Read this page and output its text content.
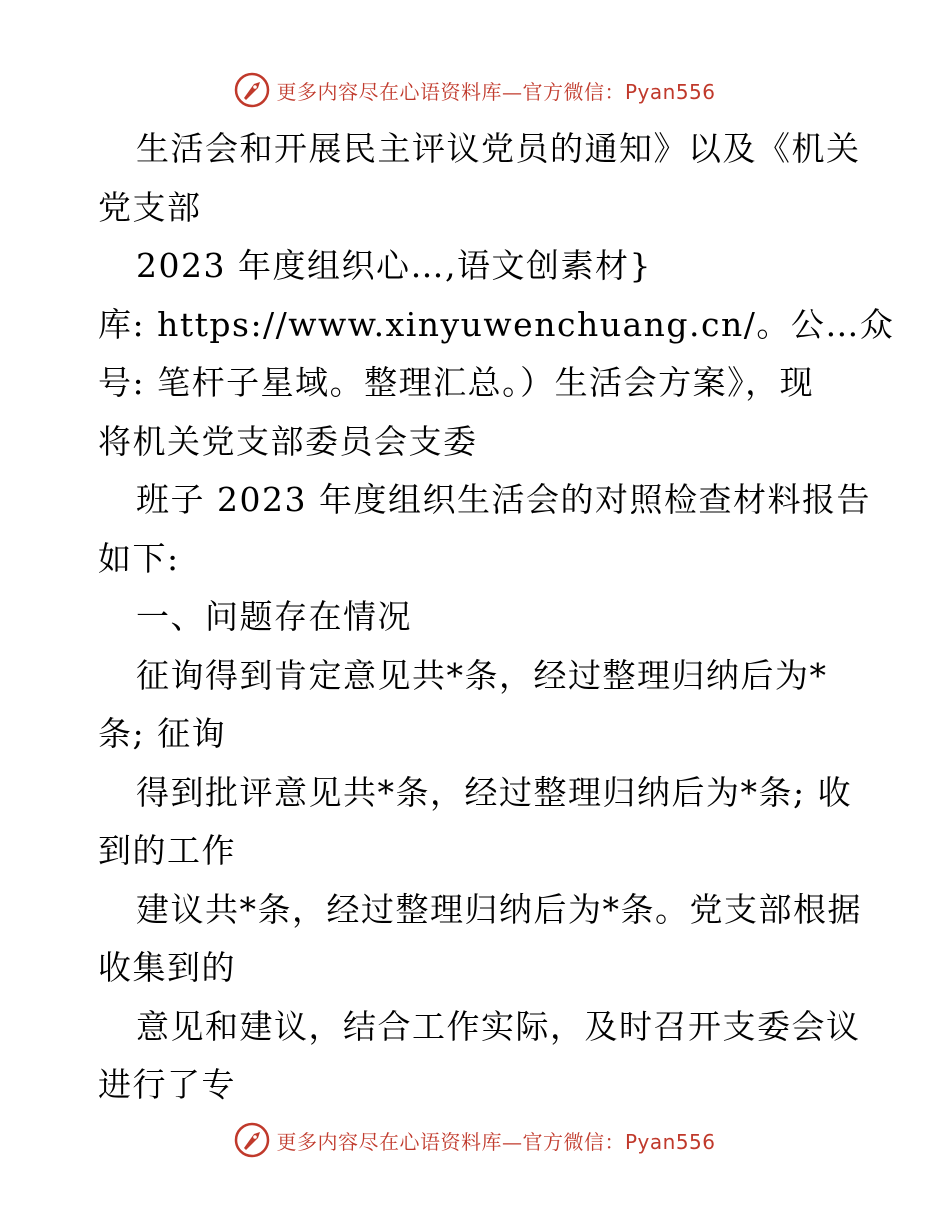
更多内容尽在心语资料库—官方微信：Pyan556
生活会和开展民主评议党员的通知》以及《机关
党支部
2023 年度组织心…,语文创素材}
库: https://www.xinyuwenchuang.cn/。公…众
号: 笔杆子星域。整理汇总。）生活会方案》，现
将机关党支部委员会支委
班子 2023 年度组织生活会的对照检查材料报告
如下:
一、问题存在情况
征询得到肯定意见共*条，经过整理归纳后为*
条; 征询
得到批评意见共*条，经过整理归纳后为*条; 收
到的工作
建议共*条，经过整理归纳后为*条。党支部根据
收集到的
意见和建议，结合工作实际，及时召开支委会议
进行了专
更多内容尽在心语资料库—官方微信：Pyan556
